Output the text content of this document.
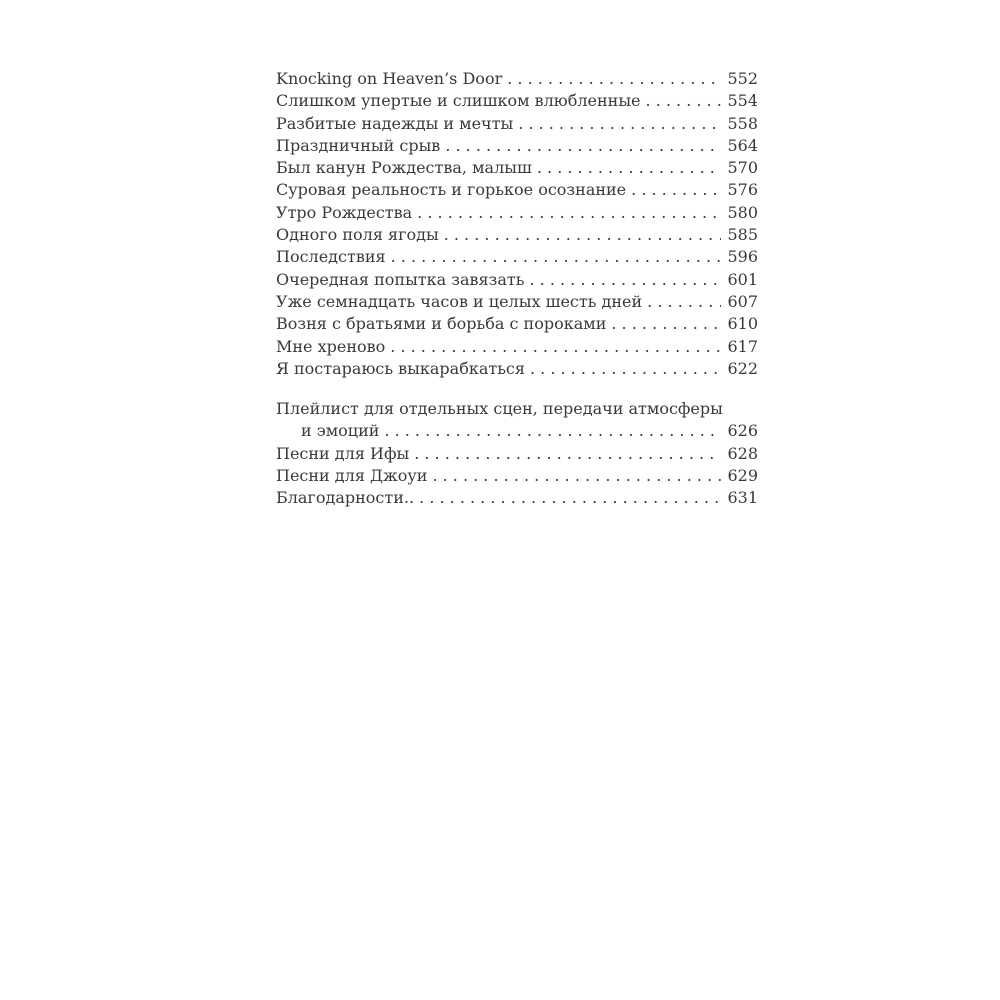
Knocking on Heaven’s Door . . .	552
Слишком упертые и слишком влюбленные . . .	554
Разбитые надежды и мечты . . .	558
Праздничный срыв . . .	564
Был канун Рождества, малыш . . .	570
Суровая реальность и горькое осознание . . .	576
Утро Рождества . . .	580
Одного поля ягоды . . .	585
Последствия . . .	596
Очередная попытка завязать . . .	601
Уже семнадцать часов и целых шесть дней . . .	607
Возня с братьями и борьба с пороками . . .	610
Мне хреново . . .	617
Я постараюсь выкарабкаться . . .	622
Плейлист для отдельных сцен, передачи атмосферы
и эмоций . . .	626
Песни для Ифы . . .	628
Песни для Джоуи . . .	629
Благодарности. . . .	631
